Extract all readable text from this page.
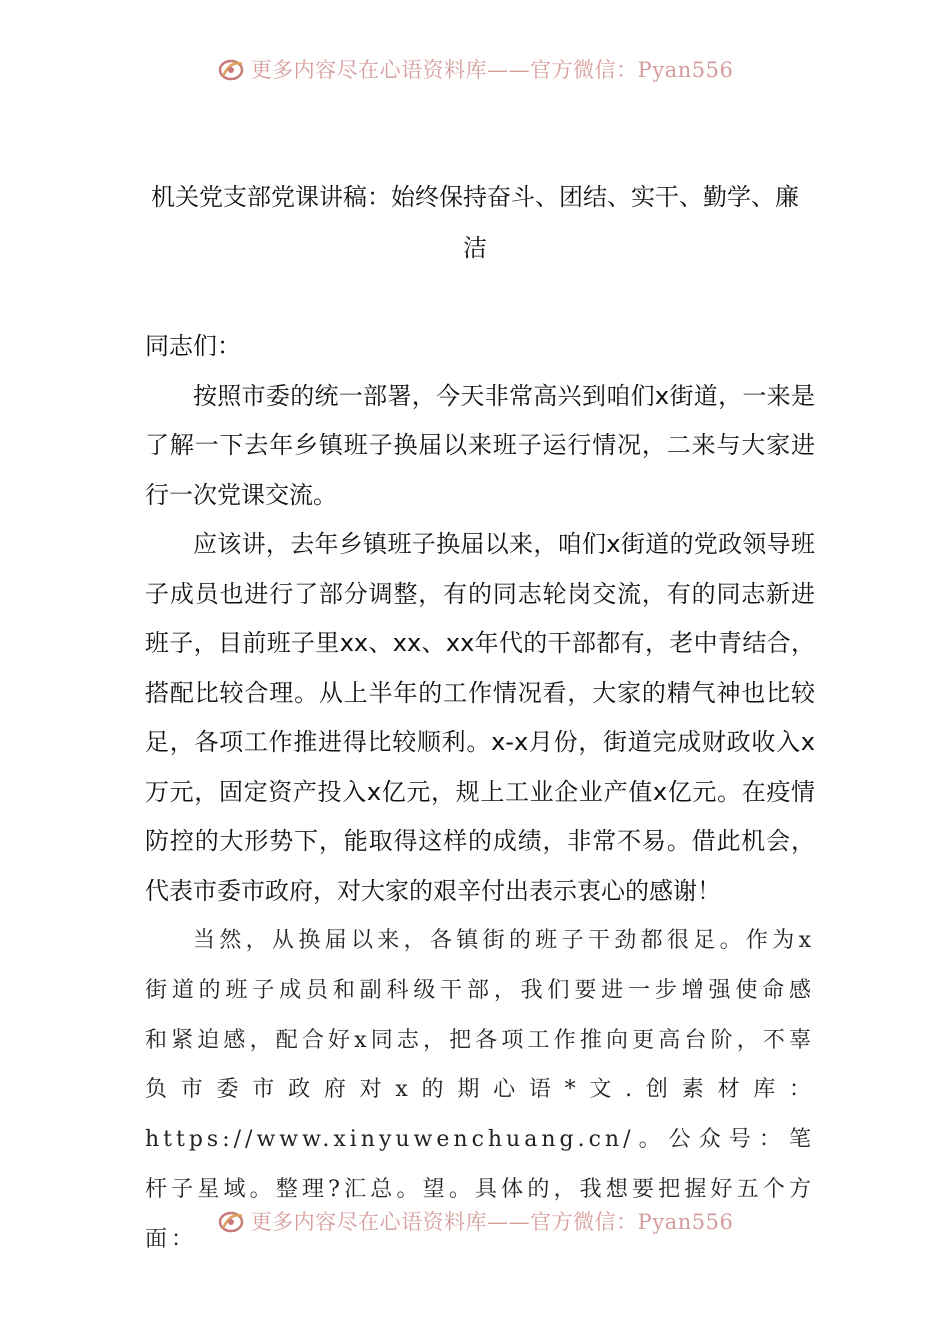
更多内容尽在心语资料库——官方微信：Pyan556
机关党支部党课讲稿：始终保持奋斗、团结、实干、勤学、廉洁

同志们：

按照市委的统一部署，今天非常高兴到咱们x街道，一来是了解一下去年乡镇班子换届以来班子运行情况，二来与大家进行一次党课交流。

应该讲，去年乡镇班子换届以来，咱们x街道的党政领导班子成员也进行了部分调整，有的同志轮岗交流，有的同志新进班子，目前班子里xx、xx、xx年代的干部都有，老中青结合，搭配比较合理。从上半年的工作情况看，大家的精气神也比较足，各项工作推进得比较顺利。x-x月份，街道完成财政收入x万元，固定资产投入x亿元，规上工业企业产值x亿元。在疫情防控的大形势下，能取得这样的成绩，非常不易。借此机会，代表市委市政府，对大家的艰辛付出表示衷心的感谢！

当然，从换届以来，各镇街的班子干劲都很足。作为x街道的班子成员和副科级干部，我们要进一步增强使命感和紧迫感，配合好x同志，把各项工作推向更高台阶，不辜负市委市政府对x的期心语*文.创素材库：https://www.xinyuwenchuang.cn/。公众号：笔杆子星域。整理?汇总。望。具体的，我想要把握好五个方面：

更多内容尽在心语资料库——官方微信：Pyan556
